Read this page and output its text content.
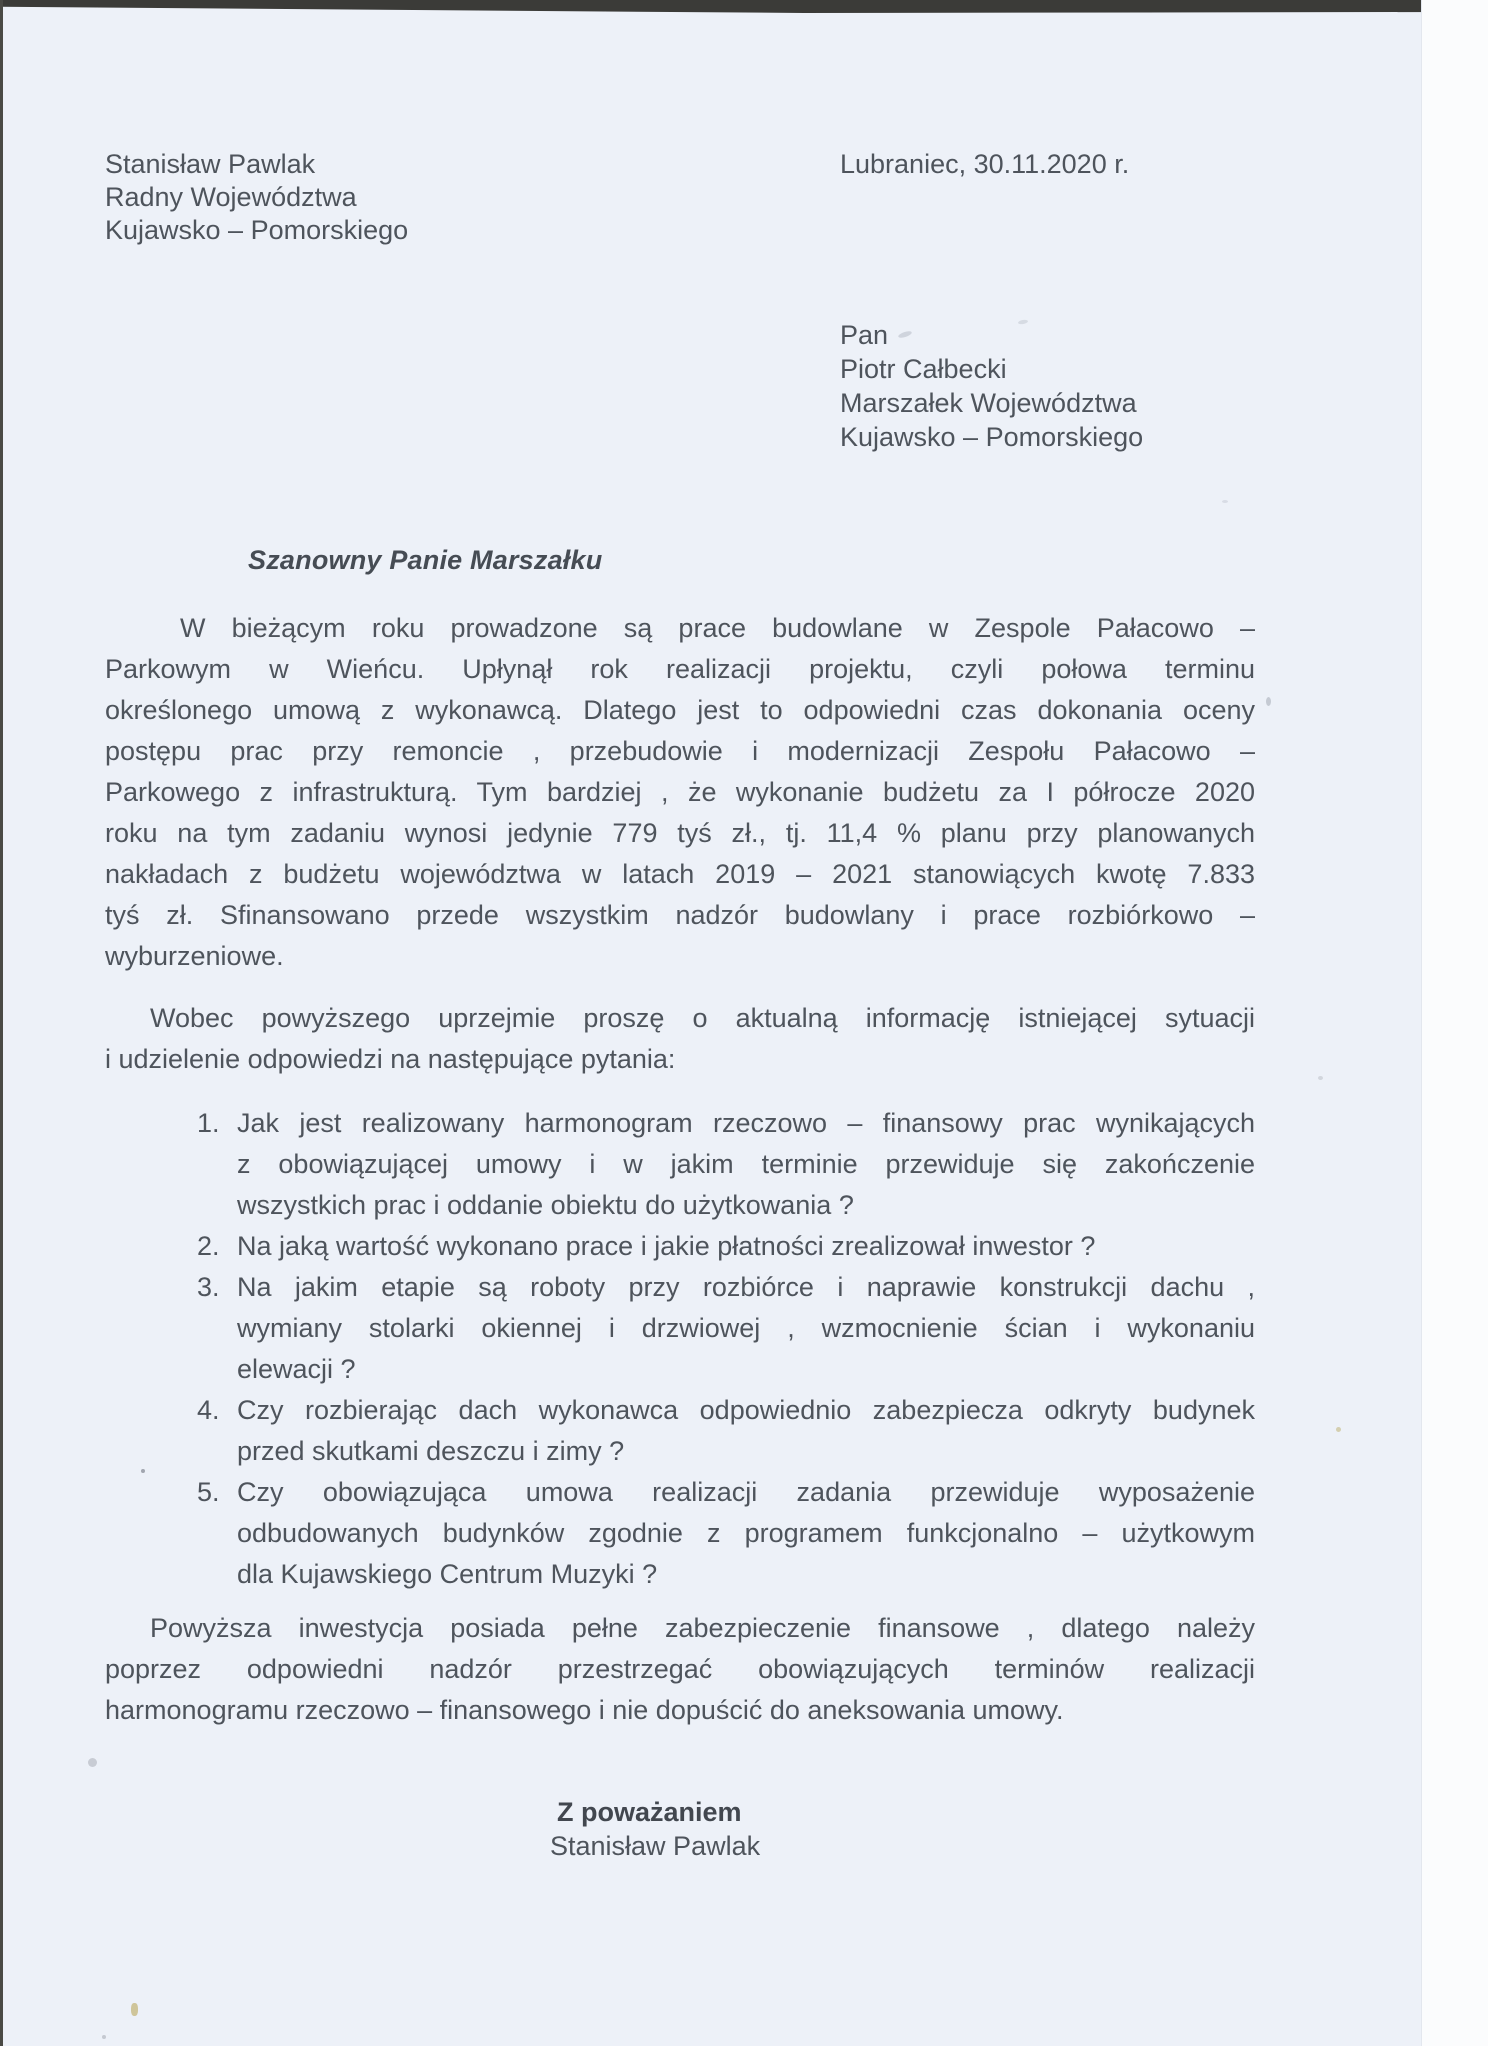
Stanisław Pawlak
Radny Województwa
Kujawsko – Pomorskiego
Lubraniec, 30.11.2020 r.
Pan
Piotr Całbecki
Marszałek Województwa
Kujawsko – Pomorskiego
Szanowny Panie Marszałku
W bieżącym roku prowadzone są prace budowlane w Zespole Pałacowo –
Parkowym w Wieńcu. Upłynął rok realizacji projektu, czyli połowa terminu
określonego umową z wykonawcą. Dlatego jest to odpowiedni czas dokonania oceny
postępu prac przy remoncie , przebudowie i modernizacji Zespołu Pałacowo –
Parkowego z infrastrukturą. Tym bardziej , że wykonanie budżetu za I półrocze 2020
roku na tym zadaniu wynosi jedynie 779 tyś zł., tj. 11,4 % planu przy planowanych
nakładach z budżetu województwa w latach 2019 – 2021 stanowiących kwotę 7.833
tyś zł. Sfinansowano przede wszystkim nadzór budowlany i prace rozbiórkowo –
wyburzeniowe.
Wobec powyższego uprzejmie proszę o aktualną informację istniejącej sytuacji
i udzielenie odpowiedzi na następujące pytania:
1. Jak jest realizowany harmonogram rzeczowo – finansowy prac wynikających
z obowiązującej umowy i w jakim terminie przewiduje się zakończenie
wszystkich prac i oddanie obiektu do użytkowania ?
2. Na jaką wartość wykonano prace i jakie płatności zrealizował inwestor ?
3. Na jakim etapie są roboty przy rozbiórce i naprawie konstrukcji dachu ,
wymiany stolarki okiennej i drzwiowej , wzmocnienie ścian i wykonaniu
elewacji ?
4. Czy rozbierając dach wykonawca odpowiednio zabezpiecza odkryty budynek
przed skutkami deszczu i zimy ?
5. Czy obowiązująca umowa realizacji zadania przewiduje wyposażenie
odbudowanych budynków zgodnie z programem funkcjonalno – użytkowym
dla Kujawskiego Centrum Muzyki ?
Powyższa inwestycja posiada pełne zabezpieczenie finansowe , dlatego należy
poprzez odpowiedni nadzór przestrzegać obowiązujących terminów realizacji
harmonogramu rzeczowo – finansowego i nie dopuścić do aneksowania umowy.
Z poważaniem
Stanisław Pawlak
